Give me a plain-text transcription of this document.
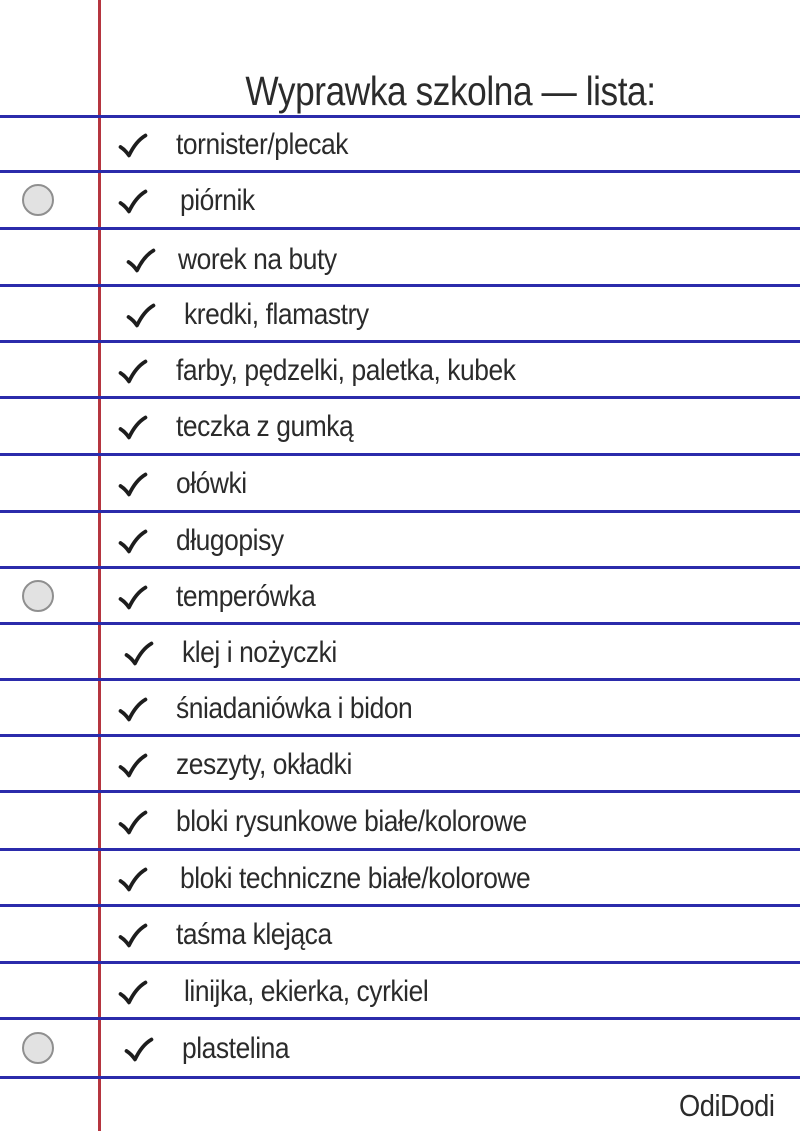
Wyprawka szkolna — lista:
tornister/plecak
piórnik
worek na buty
kredki, flamastry
farby, pędzelki, paletka, kubek
teczka z gumką
ołówki
długopisy
temperówka
klej i nożyczki
śniadaniówka i bidon
zeszyty, okładki
bloki rysunkowe białe/kolorowe
bloki techniczne białe/kolorowe
taśma klejąca
linijka, ekierka, cyrkiel
plastelina
OdiDodi
